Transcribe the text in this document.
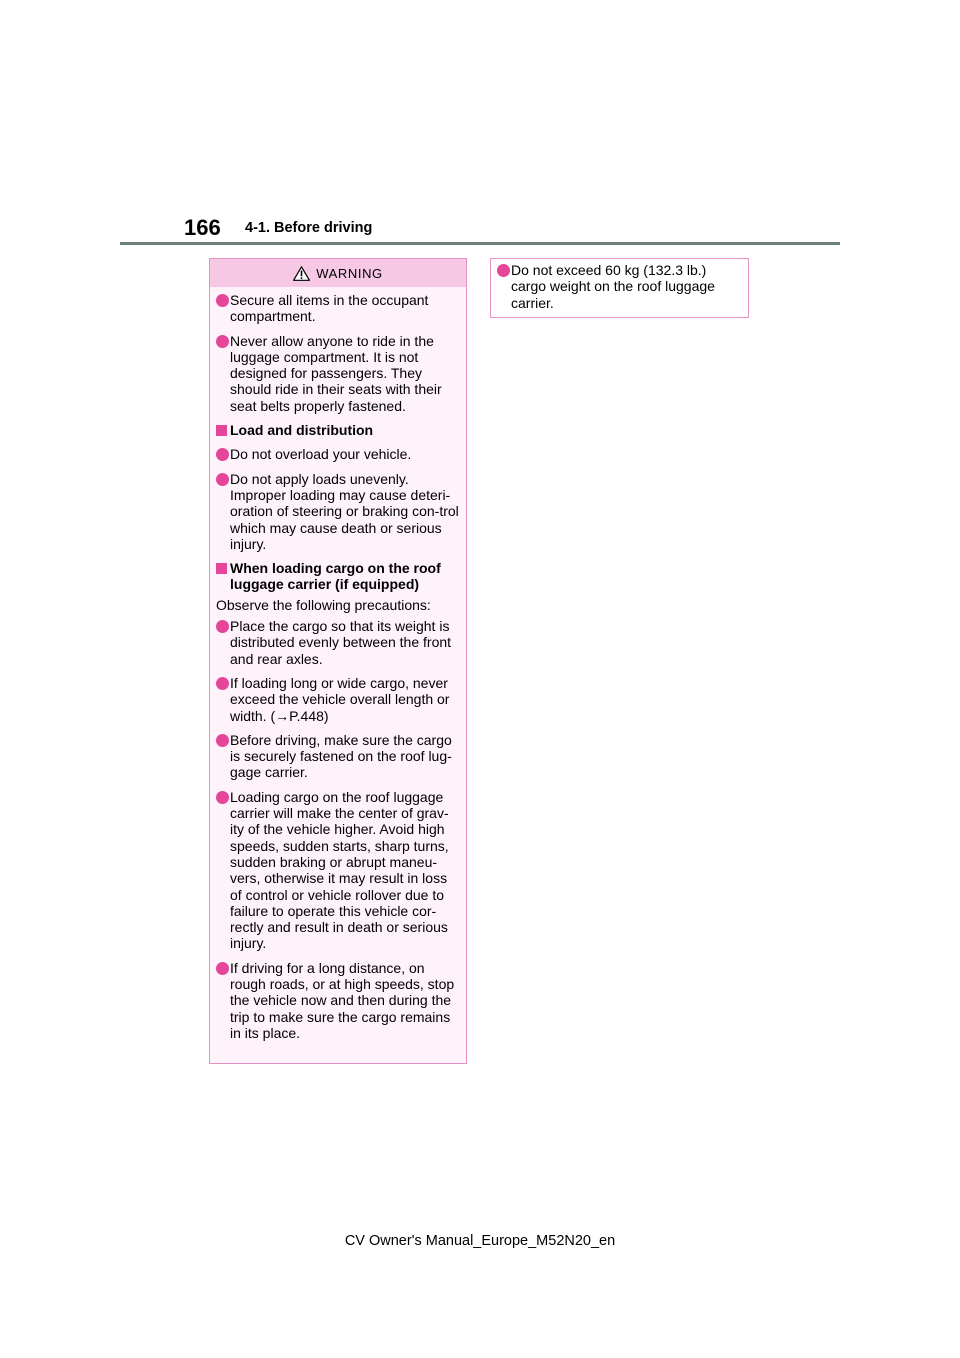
166 4-1. Before driving
WARNING
Secure all items in the occupant compartment.
Never allow anyone to ride in the luggage compartment. It is not designed for passengers. They should ride in their seats with their seat belts properly fastened.
Load and distribution
Do not overload your vehicle.
Do not apply loads unevenly. Improper loading may cause deteri-oration of steering or braking con-trol which may cause death or serious injury.
When loading cargo on the roof luggage carrier (if equipped)
Observe the following precautions:
Place the cargo so that its weight is distributed evenly between the front and rear axles.
If loading long or wide cargo, never exceed the vehicle overall length or width. (→P.448)
Before driving, make sure the cargo is securely fastened on the roof lug-gage carrier.
Loading cargo on the roof luggage carrier will make the center of grav-ity of the vehicle higher. Avoid high speeds, sudden starts, sharp turns, sudden braking or abrupt maneu-vers, otherwise it may result in loss of control or vehicle rollover due to failure to operate this vehicle cor-rectly and result in death or serious injury.
If driving for a long distance, on rough roads, or at high speeds, stop the vehicle now and then during the trip to make sure the cargo remains in its place.
Do not exceed 60 kg (132.3 lb.) cargo weight on the roof luggage carrier.
CV Owner's Manual_Europe_M52N20_en
